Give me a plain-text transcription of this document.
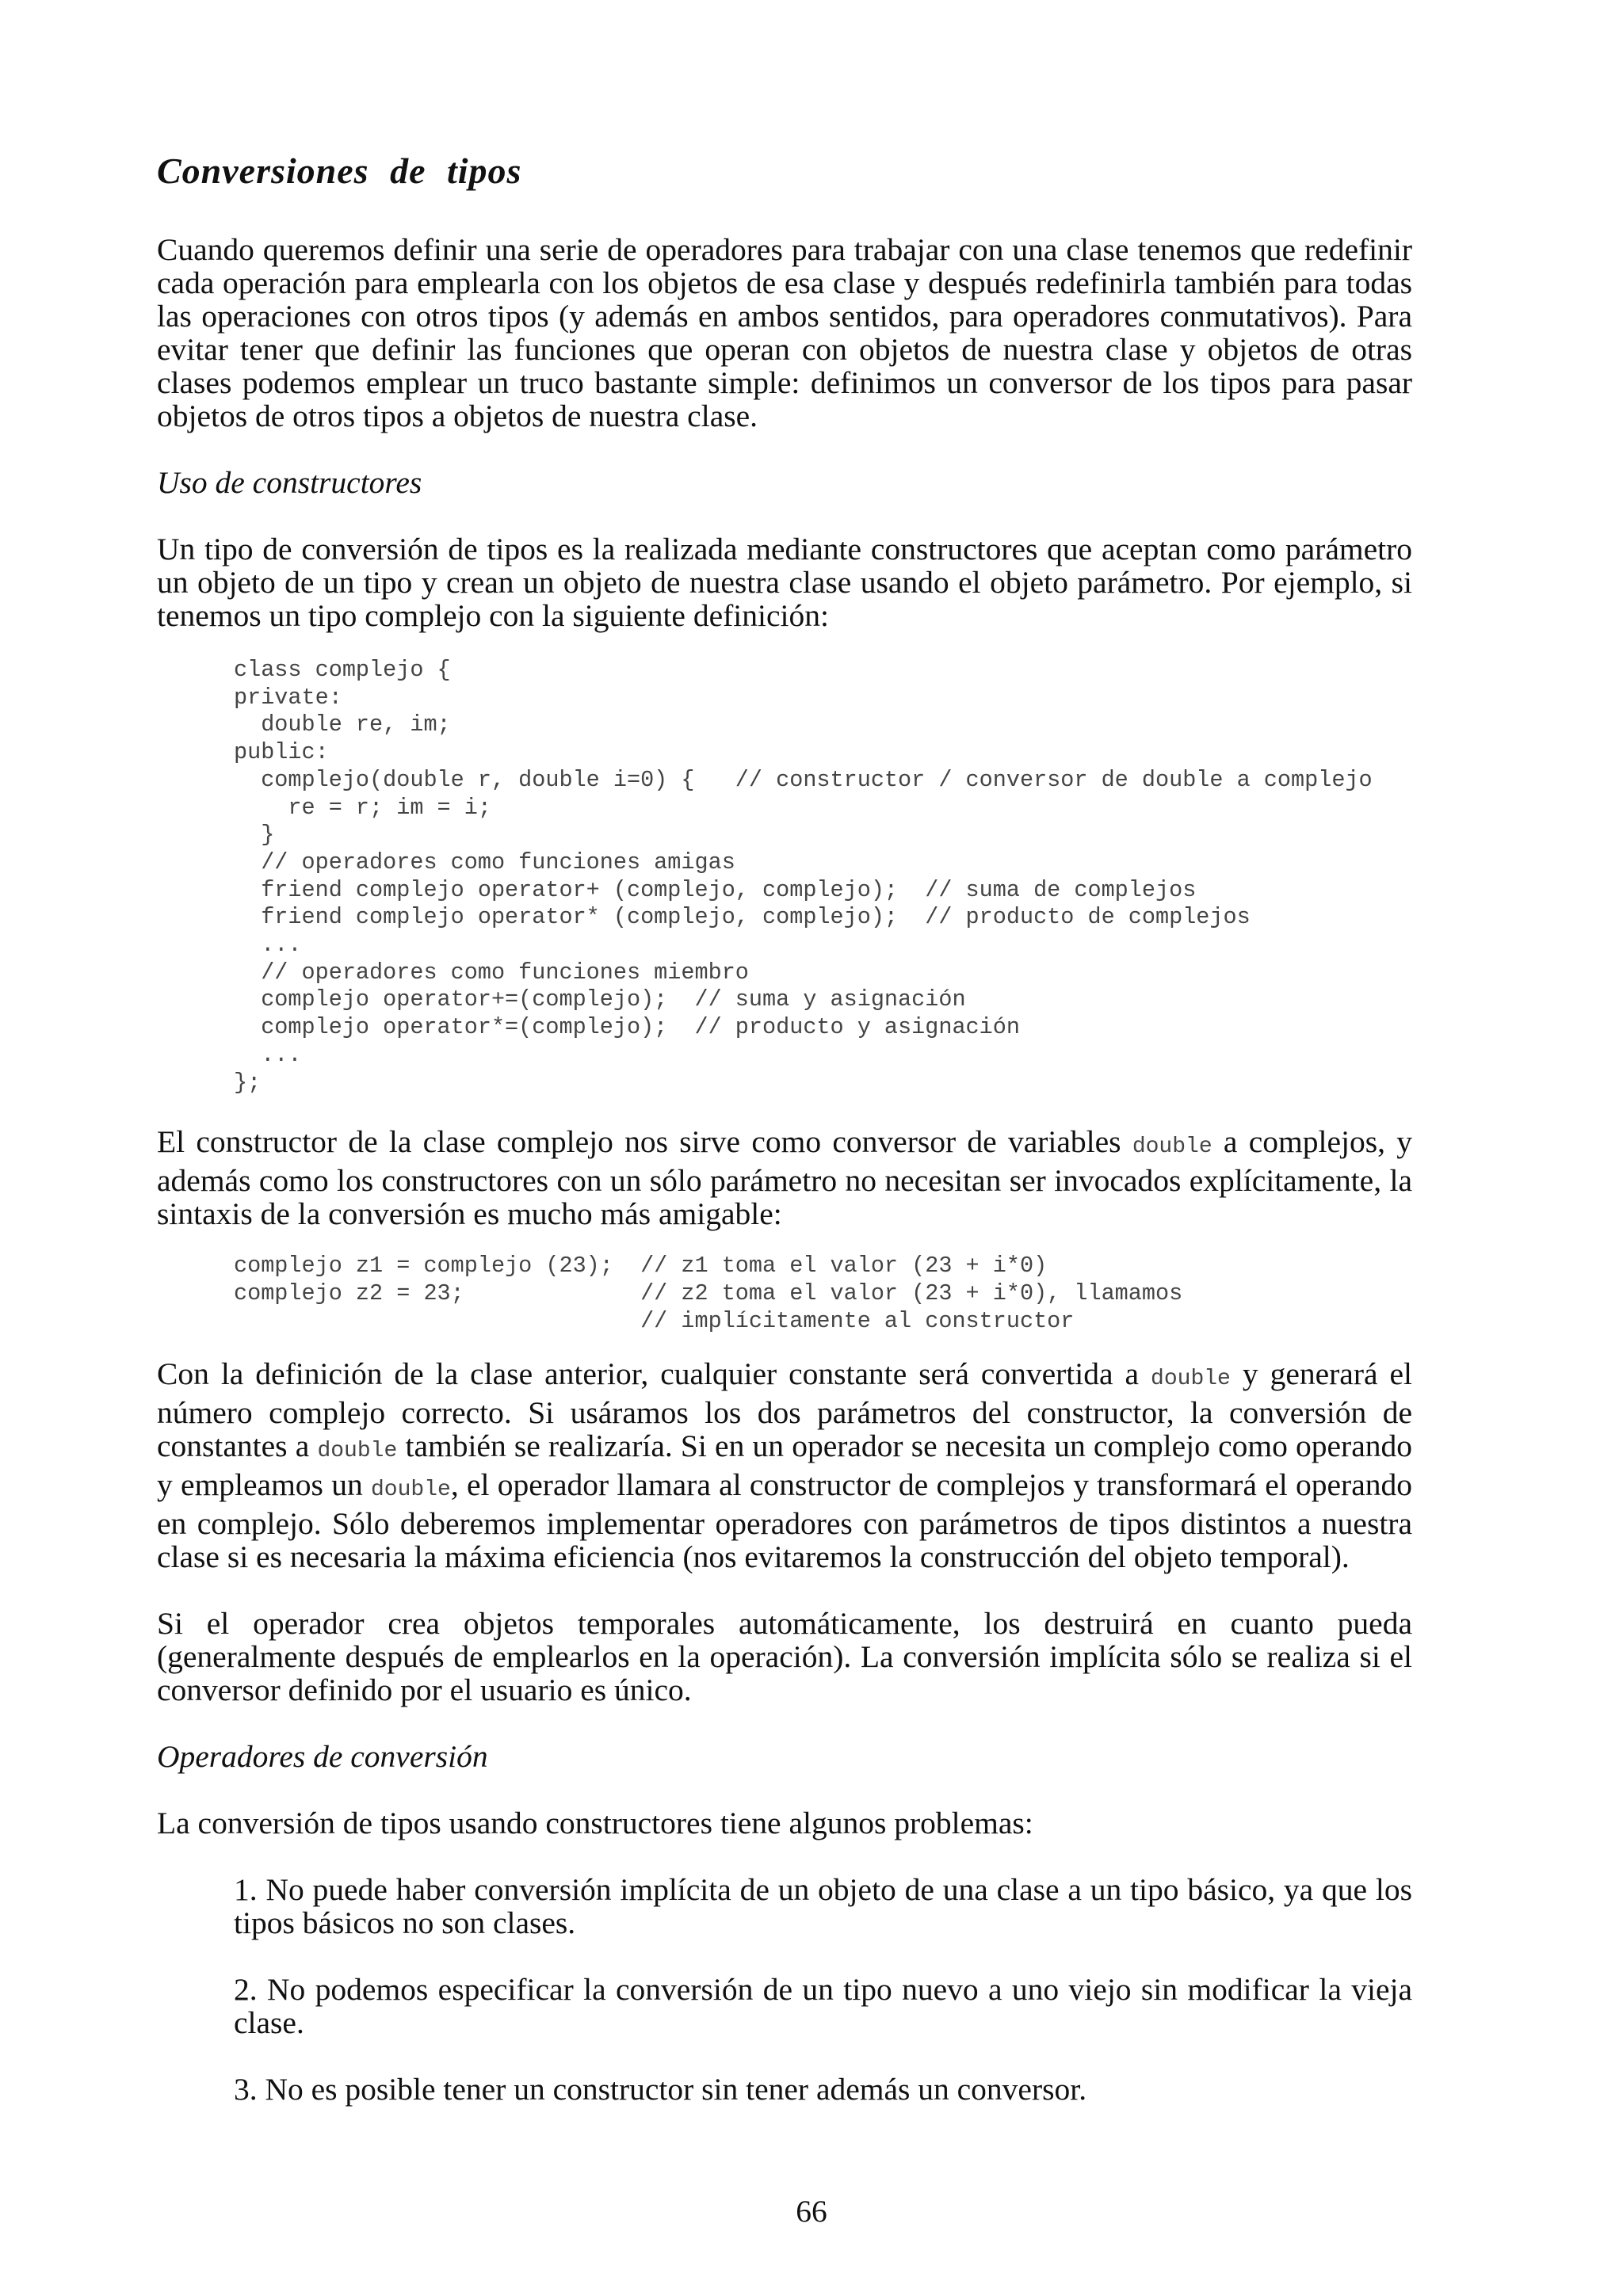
Conversiones de tipos

Cuando queremos definir una serie de operadores para trabajar con una clase tenemos que redefinir cada operación para emplearla con los objetos de esa clase y después redefinirla también para todas las operaciones con otros tipos (y además en ambos sentidos, para operadores conmutativos). Para evitar tener que definir las funciones que operan con objetos de nuestra clase y objetos de otras clases podemos emplear un truco bastante simple: definimos un conversor de los tipos para pasar objetos de otros tipos a objetos de nuestra clase.

Uso de constructores

Un tipo de conversión de tipos es la realizada mediante constructores que aceptan como parámetro un objeto de un tipo y crean un objeto de nuestra clase usando el objeto parámetro. Por ejemplo, si tenemos un tipo complejo con la siguiente definición:

class complejo {
private:
double re, im;
public:
complejo(double r, double i=0) {   // constructor / conversor de double a complejo
re = r; im = i;
}
// operadores como funciones amigas
friend complejo operator+ (complejo, complejo);  // suma de complejos
friend complejo operator* (complejo, complejo);  // producto de complejos
...
// operadores como funciones miembro
complejo operator+=(complejo);  // suma y asignación
complejo operator*=(complejo);  // producto y asignación
...
};

El constructor de la clase complejo nos sirve como conversor de variables double a complejos, y además como los constructores con un sólo parámetro no necesitan ser invocados explícitamente, la sintaxis de la conversión es mucho más amigable:

complejo z1 = complejo (23);  // z1 toma el valor (23 + i*0)
complejo z2 = 23;             // z2 toma el valor (23 + i*0), llamamos
// implícitamente al constructor

Con la definición de la clase anterior, cualquier constante será convertida a double y generará el número complejo correcto. Si usáramos los dos parámetros del constructor, la conversión de constantes a double también se realizaría. Si en un operador se necesita un complejo como operando y empleamos un double, el operador llamara al constructor de complejos y transformará el operando en complejo. Sólo deberemos implementar operadores con parámetros de tipos distintos a nuestra clase si es necesaria la máxima eficiencia (nos evitaremos la construcción del objeto temporal).

Si el operador crea objetos temporales automáticamente, los destruirá en cuanto pueda (generalmente después de emplearlos en la operación). La conversión implícita sólo se realiza si el conversor definido por el usuario es único.

Operadores de conversión

La conversión de tipos usando constructores tiene algunos problemas:

1. No puede haber conversión implícita de un objeto de una clase a un tipo básico, ya que los tipos básicos no son clases.

2. No podemos especificar la conversión de un tipo nuevo a uno viejo sin modificar la vieja clase.

3. No es posible tener un constructor sin tener además un conversor.

66
